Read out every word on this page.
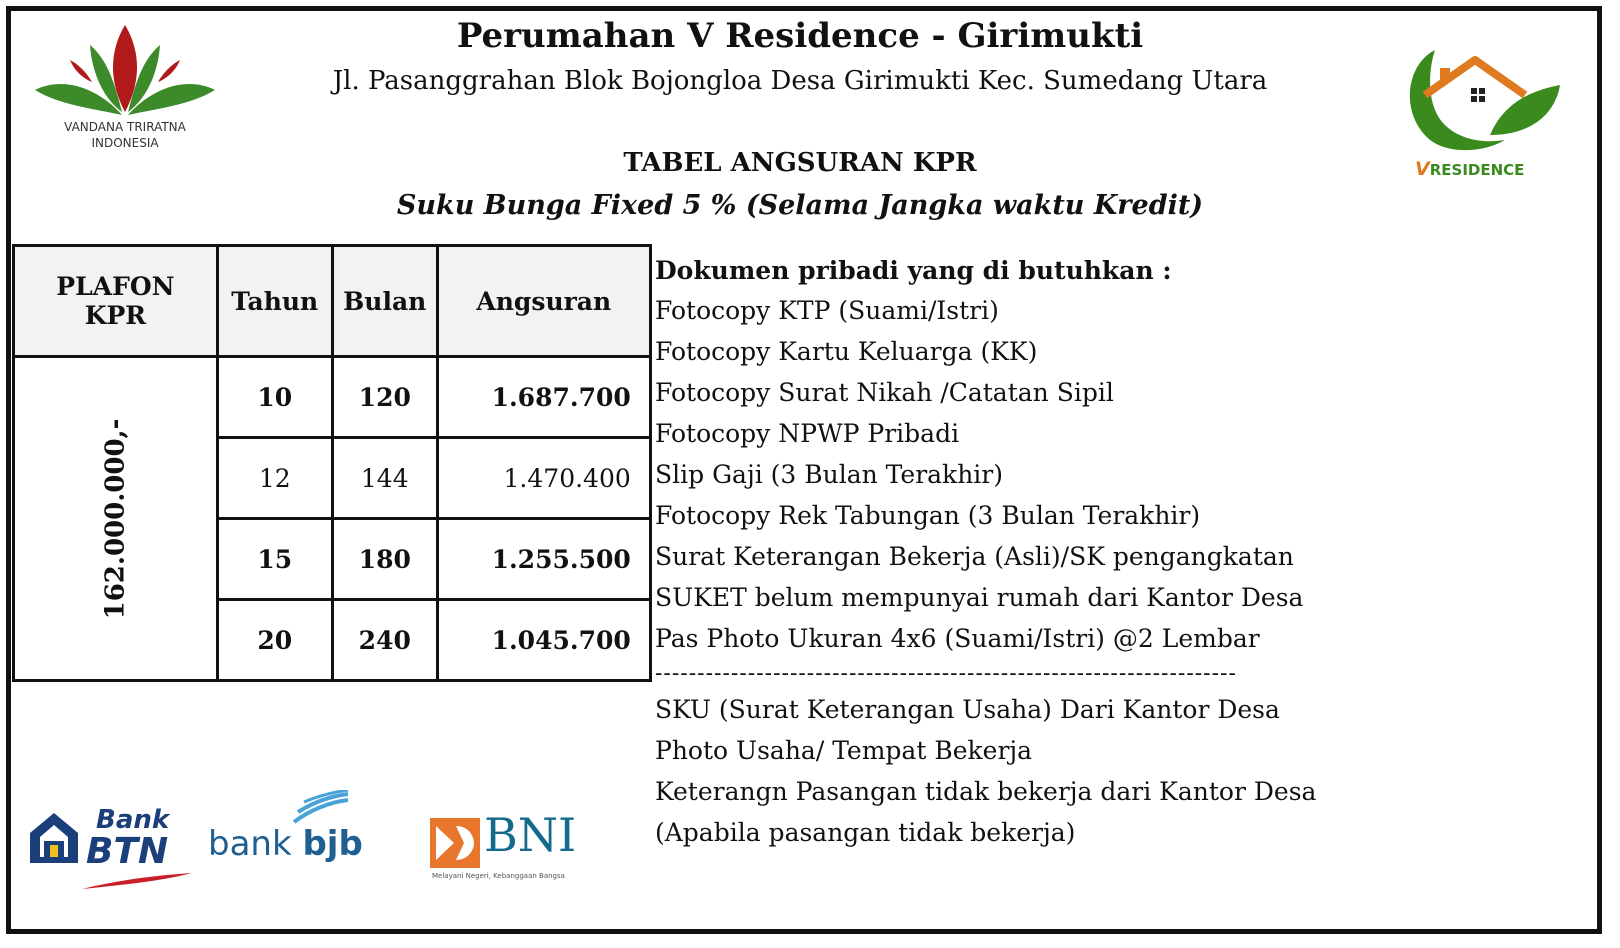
VANDANA TRIRATNA
INDONESIA
Perumahan V Residence - Girimukti
Jl. Pasanggrahan Blok Bojongloa Desa Girimukti Kec. Sumedang Utara
TABEL ANGSURAN KPR
Suku Bunga Fixed 5 % (Selama Jangka waktu Kredit)
VRESIDENCE
PLAFON
KPR	Tahun	Bulan	Angsuran
162.000.000,-	10	120	1.687.700
	12	144	1.470.400
	15	180	1.255.500
	20	240	1.045.700
Dokumen pribadi yang di butuhkan :
Fotocopy KTP (Suami/Istri)
Fotocopy Kartu Keluarga (KK)
Fotocopy Surat Nikah /Catatan Sipil
Fotocopy NPWP Pribadi
Slip Gaji (3 Bulan Terakhir)
Fotocopy Rek Tabungan (3 Bulan Terakhir)
Surat Keterangan Bekerja (Asli)/SK pengangkatan
SUKET belum mempunyai rumah dari Kantor Desa
Pas Photo Ukuran 4x6 (Suami/Istri) @2 Lembar
---------------------------------------------------------------------
SKU (Surat Keterangan Usaha) Dari Kantor Desa
Photo Usaha/ Tempat Bekerja
Keterangn Pasangan tidak bekerja dari Kantor Desa
(Apabila pasangan tidak bekerja)
Bank
BTN bank bjb	BNI
Melayani Negeri, Kebanggaan Bangsa
